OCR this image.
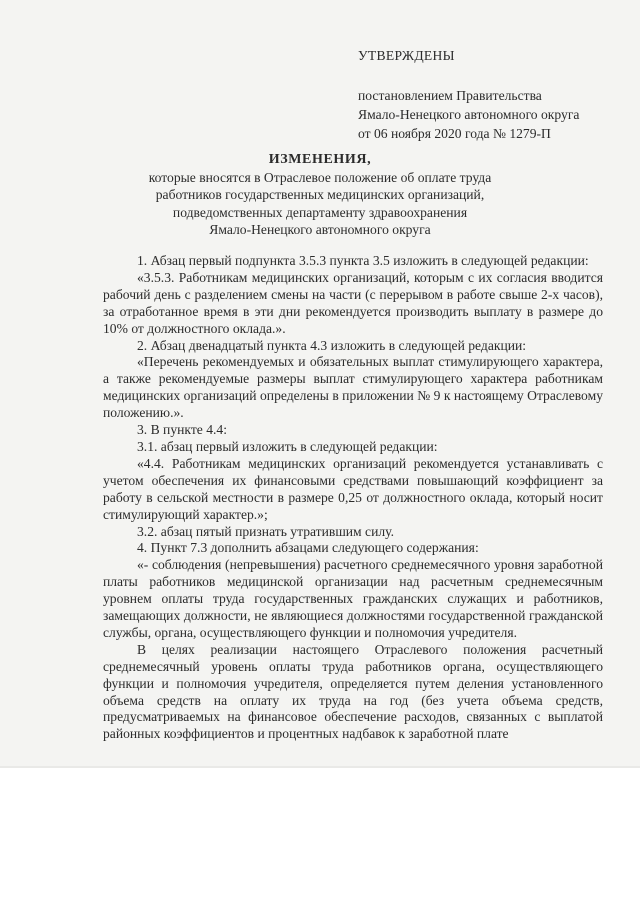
УТВЕРЖДЕНЫ
постановлением Правительства
Ямало-Ненецкого автономного округа
от 06 ноября 2020 года № 1279-П
ИЗМЕНЕНИЯ,
которые вносятся в Отраслевое положение об оплате труда
работников государственных медицинских организаций,
подведомственных департаменту здравоохранения
Ямало-Ненецкого автономного округа

1. Абзац первый подпункта 3.5.3 пункта 3.5 изложить в следующей редакции:

«3.5.3. Работникам медицинских организаций, которым с их согласия вводится рабочий день с разделением смены на части (с перерывом в работе свыше 2-х часов), за отработанное время в эти дни рекомендуется производить выплату в размере до 10% от должностного оклада.».

2. Абзац двенадцатый пункта 4.3 изложить в следующей редакции:

«Перечень рекомендуемых и обязательных выплат стимулирующего характера, а также рекомендуемые размеры выплат стимулирующего характера работникам медицинских организаций определены в приложении № 9 к настоящему Отраслевому положению.».

3. В пункте 4.4:

3.1. абзац первый изложить в следующей редакции:

«4.4. Работникам медицинских организаций рекомендуется устанавливать с учетом обеспечения их финансовыми средствами повышающий коэффициент за работу в сельской местности в размере 0,25 от должностного оклада, который носит стимулирующий характер.»;

3.2. абзац пятый признать утратившим силу.

4. Пункт 7.3 дополнить абзацами следующего содержания:

«- соблюдения (непревышения) расчетного среднемесячного уровня заработной платы работников медицинской организации над расчетным среднемесячным уровнем оплаты труда государственных гражданских служащих и работников, замещающих должности, не являющиеся должностями государственной гражданской службы, органа, осуществляющего функции и полномочия учредителя.

В целях реализации настоящего Отраслевого положения расчетный среднемесячный уровень оплаты труда работников органа, осуществляющего функции и полномочия учредителя, определяется путем деления установленного объема средств на оплату их труда на год (без учета объема средств, предусматриваемых на финансовое обеспечение расходов, связанных с выплатой районных коэффициентов и процентных надбавок к заработной плате
